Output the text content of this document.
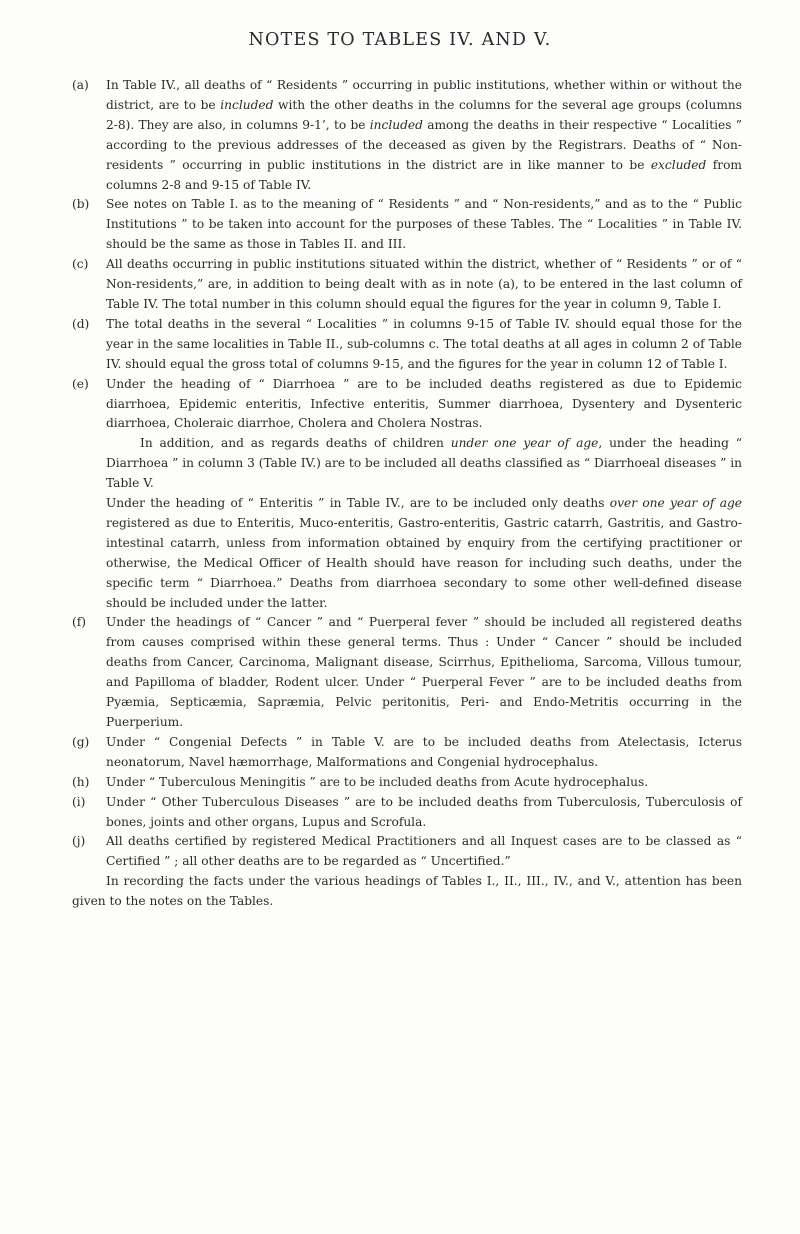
NOTES TO TABLES IV. AND V.
(a)	In Table IV., all deaths of “ Residents ” occurring in public institutions, whether within or without the district, are to be included with the other deaths in the columns for the several age groups (columns 2-8). They are also, in columns 9-1’, to be included among the deaths in their respective “ Localities ” according to the previous addresses of the deceased as given by the Registrars. Deaths of “ Non-residents ” occurring in public institutions in the district are in like manner to be excluded from columns 2-8 and 9-15 of Table IV.
(b)	See notes on Table I. as to the meaning of “ Residents ” and “ Non-residents,” and as to the “ Public Institutions ” to be taken into account for the purposes of these Tables. The “ Localities ” in Table IV. should be the same as those in Tables II. and III.
(c)	All deaths occurring in public institutions situated within the district, whether of “ Residents ” or of “ Non-residents,” are, in addition to being dealt with as in note (a), to be entered in the last column of Table IV. The total number in this column should equal the figures for the year in column 9, Table I.
(d)	The total deaths in the several “ Localities ” in columns 9-15 of Table IV. should equal those for the year in the same localities in Table II., sub-columns c. The total deaths at all ages in column 2 of Table IV. should equal the gross total of columns 9-15, and the figures for the year in column 12 of Table I.
(e)	Under the heading of “ Diarrhoea ” are to be included deaths registered as due to Epidemic diarrhoea, Epidemic enteritis, Infective enteritis, Summer diarrhoea, Dysentery and Dysenteric diarrhoea, Choleraic diarrhoe, Cholera and Cholera Nostras.

In addition, and as regards deaths of children under one year of age, under the heading “ Diarrhoea ” in column 3 (Table IV.) are to be included all deaths classified as “ Diarrhoeal diseases ” in Table V.

Under the heading of “ Enteritis ” in Table IV., are to be included only deaths over one year of age registered as due to Enteritis, Muco-enteritis, Gastro-enteritis, Gastric catarrh, Gastritis, and Gastro-intestinal catarrh, unless from information obtained by enquiry from the certifying practitioner or otherwise, the Medical Officer of Health should have reason for including such deaths, under the specific term “ Diarrhoea.” Deaths from diarrhoea secondary to some other well-defined disease should be included under the latter.

(f)	Under the headings of “ Cancer ” and “ Puerperal fever ” should be included all registered deaths from causes comprised within these general terms. Thus : Under “ Cancer ” should be included deaths from Cancer, Carcinoma, Malignant disease, Scirrhus, Epithelioma, Sarcoma, Villous tumour, and Papilloma of bladder, Rodent ulcer. Under “ Puerperal Fever ” are to be included deaths from Pyæmia, Septicæmia, Sapræmia, Pelvic peritonitis, Peri- and Endo-Metritis occurring in the Puerperium.
(g)	Under “ Congenial Defects ” in Table V. are to be included deaths from Atelectasis, Icterus neonatorum, Navel hæmorrhage, Malformations and Congenial hydrocephalus.
(h)	Under “ Tuberculous Meningitis ” are to be included deaths from Acute hydrocephalus.
(i)	Under “ Other Tuberculous Diseases ” are to be included deaths from Tuberculosis, Tuberculosis of bones, joints and other organs, Lupus and Scrofula.
(j)	All deaths certified by registered Medical Practitioners and all Inquest cases are to be classed as “ Certified ” ; all other deaths are to be regarded as “ Uncertified.”

In recording the facts under the various headings of Tables I., II., III., IV., and V., attention has been given to the notes on the Tables.
